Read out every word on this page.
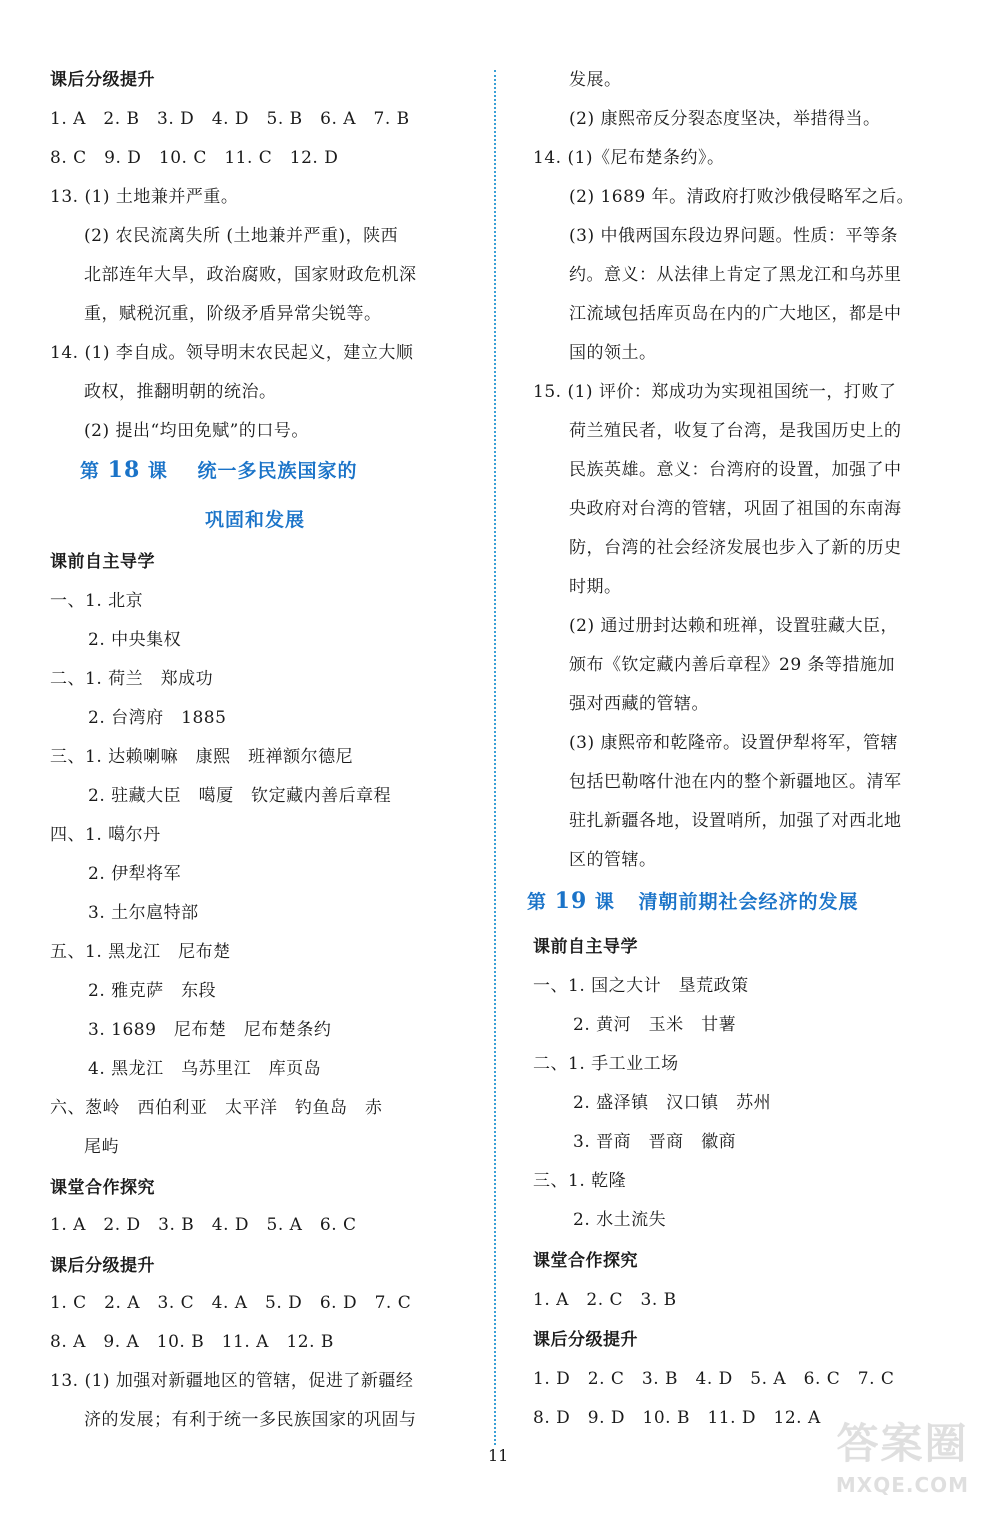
课后分级提升
1. A　2. B　3. D　4. D　5. B　6. A　7. B
8. C　9. D　10. C　11. C　12. D
13. (1) 土地兼并严重。
(2) 农民流离失所 (土地兼并严重)，陕西
北部连年大旱，政治腐败，国家财政危机深
重，赋税沉重，阶级矛盾异常尖锐等。
14. (1) 李自成。领导明末农民起义，建立大顺
政权，推翻明朝的统治。
(2) 提出“均田免赋”的口号。
第 18 课 统一多民族国家的
巩固和发展
课前自主导学
一、1. 北京
2. 中央集权
二、1. 荷兰　郑成功
2. 台湾府　1885
三、1. 达赖喇嘛　康熙　班禅额尔德尼
2. 驻藏大臣　噶厦　钦定藏内善后章程
四、1. 噶尔丹
2. 伊犁将军
3. 土尔扈特部
五、1. 黑龙江　尼布楚
2. 雅克萨　东段
3. 1689　尼布楚　尼布楚条约
4. 黑龙江　乌苏里江　库页岛
六、葱岭　西伯利亚　太平洋　钓鱼岛　赤
尾屿
课堂合作探究
1. A　2. D　3. B　4. D　5. A　6. C
课后分级提升
1. C　2. A　3. C　4. A　5. D　6. D　7. C
8. A　9. A　10. B　11. A　12. B
13. (1) 加强对新疆地区的管辖，促进了新疆经
济的发展；有利于统一多民族国家的巩固与
发展。
(2) 康熙帝反分裂态度坚决，举措得当。
14. (1)《尼布楚条约》。
(2) 1689 年。清政府打败沙俄侵略军之后。
(3) 中俄两国东段边界问题。性质：平等条
约。意义：从法律上肯定了黑龙江和乌苏里
江流域包括库页岛在内的广大地区，都是中
国的领土。
15. (1) 评价：郑成功为实现祖国统一，打败了
荷兰殖民者，收复了台湾，是我国历史上的
民族英雄。意义：台湾府的设置，加强了中
央政府对台湾的管辖，巩固了祖国的东南海
防，台湾的社会经济发展也步入了新的历史
时期。
(2) 通过册封达赖和班禅，设置驻藏大臣，
颁布《钦定藏内善后章程》29 条等措施加
强对西藏的管辖。
(3) 康熙帝和乾隆帝。设置伊犁将军，管辖
包括巴勒喀什池在内的整个新疆地区。清军
驻扎新疆各地，设置哨所，加强了对西北地
区的管辖。
第 19 课 清朝前期社会经济的发展
课前自主导学
一、1. 国之大计　垦荒政策
2. 黄河　玉米　甘薯
二、1. 手工业工场
2. 盛泽镇　汉口镇　苏州
3. 晋商　晋商　徽商
三、1. 乾隆
2. 水土流失
课堂合作探究
1. A　2. C　3. B
课后分级提升
1. D　2. C　3. B　4. D　5. A　6. C　7. C
8. D　9. D　10. B　11. D　12. A
11	答案圈
MXQE.COM
